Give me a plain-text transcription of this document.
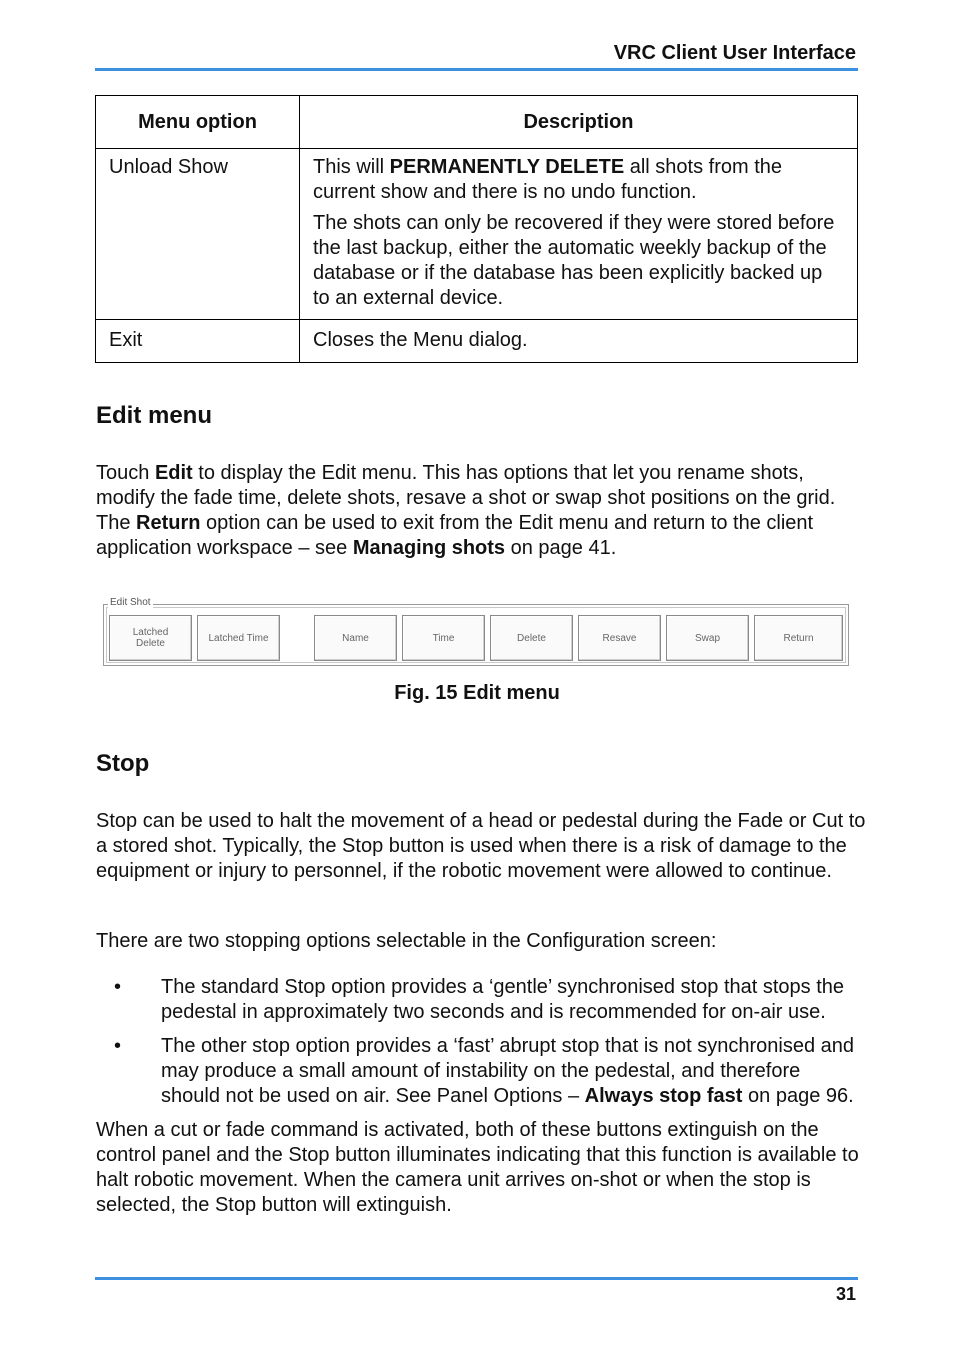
VRC Client User Interface
Menu option	Description
Unload Show	This will PERMANENTLY DELETE all shots from the current show and there is no undo function.

The shots can only be recovered if they were stored before the last backup, either the automatic weekly backup of the database or if the database has been explicitly backed up to an external device.

Exit	Closes the Menu dialog.
Edit menu
Touch Edit to display the Edit menu. This has options that let you rename shots, modify the fade time, delete shots, resave a shot or swap shot positions on the grid. The Return option can be used to exit from the Edit menu and return to the client application workspace – see Managing shots on page 41.
Edit Shot
Latched
Delete	Latched Time	Name	Time	Delete	Resave	Swap	Return
Fig. 15 Edit menu
Stop
Stop can be used to halt the movement of a head or pedestal during the Fade or Cut to a stored shot. Typically, the Stop button is used when there is a risk of damage to the equipment or injury to personnel, if the robotic movement were allowed to continue.
There are two stopping options selectable in the Configuration screen:
• The standard Stop option provides a ‘gentle’ synchronised stop that stops the pedestal in approximately two seconds and is recommended for on-air use.
• The other stop option provides a ‘fast’ abrupt stop that is not synchronised and may produce a small amount of instability on the pedestal, and therefore should not be used on air. See Panel Options – Always stop fast on page 96.
When a cut or fade command is activated, both of these buttons extinguish on the control panel and the Stop button illuminates indicating that this function is available to halt robotic movement. When the camera unit arrives on-shot or when the stop is selected, the Stop button will extinguish.
31
